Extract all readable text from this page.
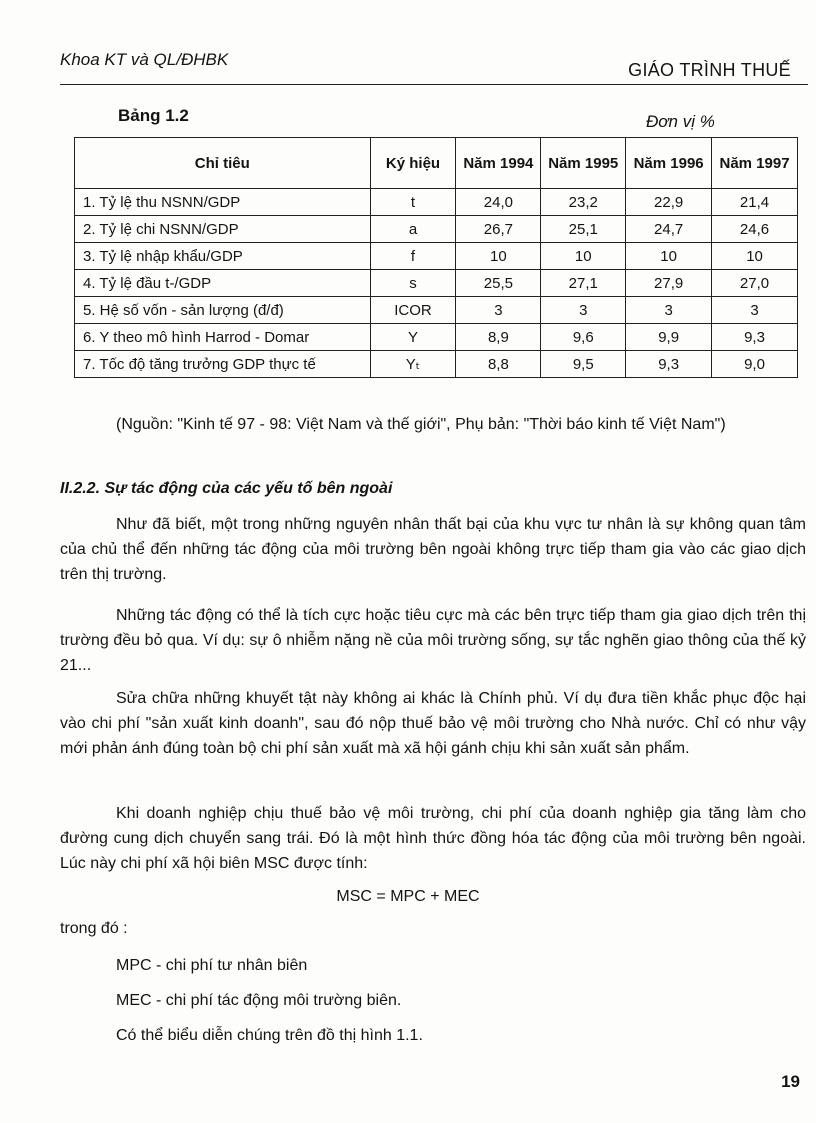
Khoa KT và QL/ĐHBK
GIÁO TRÌNH THUẾ
Bảng 1.2	Đơn vị %
Chỉ tiêu	Ký hiệu	Năm 1994	Năm 1995	Năm 1996	Năm 1997
1. Tỷ lệ thu NSNN/GDP	t	24,0	23,2	22,9	21,4
2. Tỷ lệ chi NSNN/GDP	a	26,7	25,1	24,7	24,6
3. Tỷ lệ nhập khẩu/GDP	f	10	10	10	10
4. Tỷ lệ đầu t-/GDP	s	25,5	27,1	27,9	27,0
5. Hệ số vốn - sản lượng (đ/đ)	ICOR	3	3	3	3
6. Y theo mô hình Harrod - Domar	Y	8,9	9,6	9,9	9,3
7. Tốc độ tăng trưởng GDP thực tế	Yₜ	8,8	9,5	9,3	9,0
(Nguồn: "Kinh tế 97 - 98: Việt Nam và thế giới", Phụ bản: "Thời báo kinh tế Việt Nam")
II.2.2. Sự tác động của các yếu tố bên ngoài

Như đã biết, một trong những nguyên nhân thất bại của khu vực tư nhân là sự không quan tâm của chủ thể đến những tác động của môi trường bên ngoài không trực tiếp tham gia vào các giao dịch trên thị trường.

Những tác động có thể là tích cực hoặc tiêu cực mà các bên trực tiếp tham gia giao dịch trên thị trường đều bỏ qua. Ví dụ: sự ô nhiễm nặng nề của môi trường sống, sự tắc nghẽn giao thông của thế kỷ 21...

Sửa chữa những khuyết tật này không ai khác là Chính phủ. Ví dụ đưa tiền khắc phục độc hại vào chi phí "sản xuất kinh doanh", sau đó nộp thuế bảo vệ môi trường cho Nhà nước. Chỉ có như vậy mới phản ánh đúng toàn bộ chi phí sản xuất mà xã hội gánh chịu khi sản xuất sản phẩm.

Khi doanh nghiệp chịu thuế bảo vệ môi trường, chi phí của doanh nghiệp gia tăng làm cho đường cung dịch chuyển sang trái. Đó là một hình thức đồng hóa tác động của môi trường bên ngoài. Lúc này chi phí xã hội biên MSC được tính:

MSC = MPC + MEC
trong đó :
MPC - chi phí tư nhân biên
MEC - chi phí tác động môi trường biên.
Có thể biểu diễn chúng trên đồ thị hình 1.1.
19
